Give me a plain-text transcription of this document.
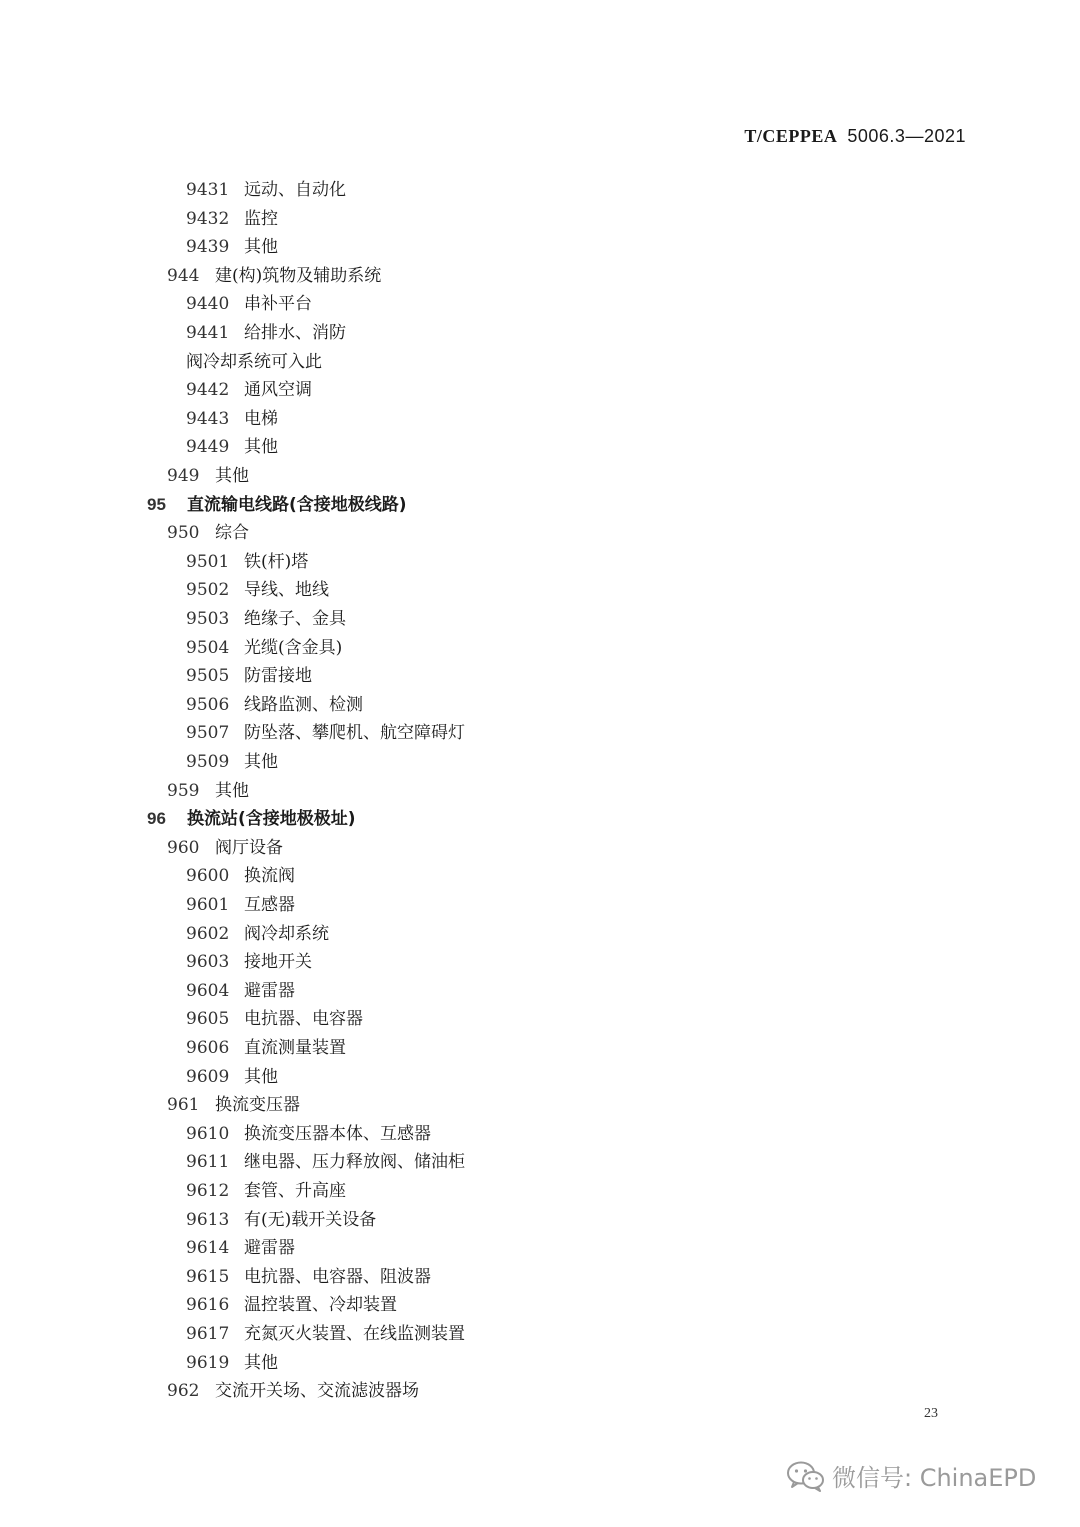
T/CEPPEA 5006.3—2021
9431 远动、自动化
9432 监控
9439 其他
944 建(构)筑物及辅助系统
9440 串补平台
9441 给排水、消防
阀冷却系统可入此
9442 通风空调
9443 电梯
9449 其他
949 其他
95 直流输电线路(含接地极线路)
950 综合
9501 铁(杆)塔
9502 导线、地线
9503 绝缘子、金具
9504 光缆(含金具)
9505 防雷接地
9506 线路监测、检测
9507 防坠落、攀爬机、航空障碍灯
9509 其他
959 其他
96 换流站(含接地极极址)
960 阀厅设备
9600 换流阀
9601 互感器
9602 阀冷却系统
9603 接地开关
9604 避雷器
9605 电抗器、电容器
9606 直流测量装置
9609 其他
961 换流变压器
9610 换流变压器本体、互感器
9611 继电器、压力释放阀、储油柜
9612 套管、升高座
9613 有(无)载开关设备
9614 避雷器
9615 电抗器、电容器、阻波器
9616 温控装置、冷却装置
9617 充氮灭火装置、在线监测装置
9619 其他
962 交流开关场、交流滤波器场
23
微信号: ChinaEPD
